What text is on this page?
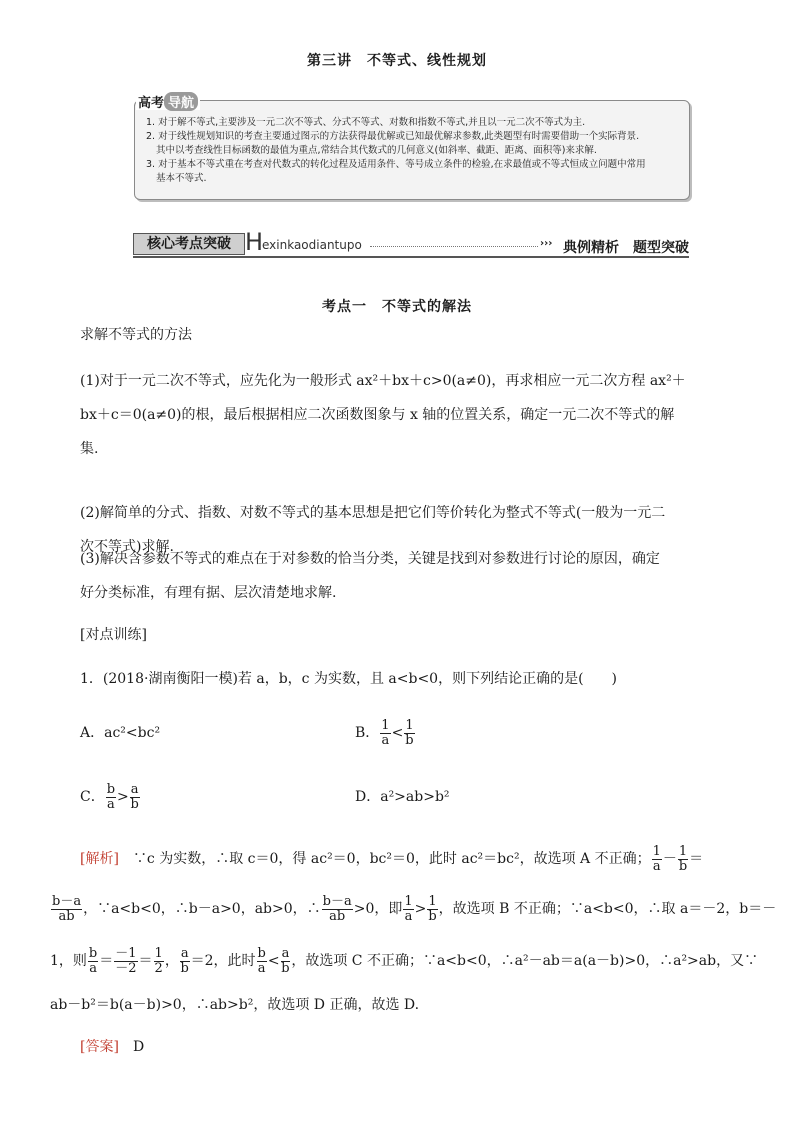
第三讲　不等式、线性规划
高考 导航
1. 对于解不等式,主要涉及一元二次不等式、分式不等式、对数和指数不等式,并且以一元二次不等式为主.
2. 对于线性规划知识的考查主要通过图示的方法获得最优解或已知最优解求参数,此类题型有时需要借助一个实际背景.
其中以考查线性目标函数的最值为重点,常结合其代数式的几何意义(如斜率、截距、距离、面积等)来求解.
3. 对于基本不等式重在考查对代数式的转化过程及适用条件、等号成立条件的检验,在求最值或不等式恒成立问题中常用
基本不等式.
核心考点突破 H
exinkaodiantupo	››› 典例精析　题型突破
考点一　不等式的解法
求解不等式的方法
(1)对于一元二次不等式，应先化为一般形式 ax²＋bx＋c>0(a≠0)，再求相应一元二次方程 ax²＋
bx＋c＝0(a≠0)的根，最后根据相应二次函数图象与 x 轴的位置关系，确定一元二次不等式的解
集.
(2)解简单的分式、指数、对数不等式的基本思想是把它们等价转化为整式不等式(一般为一元二
次不等式)求解.
(3)解决含参数不等式的难点在于对参数的恰当分类，关键是找到对参数进行讨论的原因，确定
好分类标准，有理有据、层次清楚地求解.
[对点训练]
1．(2018·湖南衡阳一模)若 a，b，c 为实数，且 a<b<0，则下列结论正确的是(　　)
A．ac²<bc²	B． $\frac{1}{a} < \frac{1}{b}$
C． $\frac{b}{a} > \frac{a}{b}$	D．a²>ab>b²
[解析]　 ∵c 为实数，∴取 c＝0，得 ac²＝0，bc²＝0，此时 ac²＝bc²，故选项 A 不正确； $\frac{1}{a} - \frac{1}{b}$ ＝
$\frac{b-a}{ab}$ ，∵a<b<0，∴b－a>0，ab>0，∴ $\frac{b-a}{ab} >0$，即 $\frac{1}{a} > \frac{1}{b}$ ，故选项 B 不正确；∵a<b<0，∴取 a＝－2，b＝－
1，则 $\frac{b}{a} = \frac{-1}{-2} = \frac{1}{2}$ ， $\frac{a}{b} =2$，此时 $\frac{b}{a} < \frac{a}{b}$ ，故选项 C 不正确；∵a<b<0，∴a²－ab＝a(a－b)>0，∴a²>ab，又∵
ab－b²＝b(a－b)>0，∴ab>b²，故选项 D 正确，故选 D.
[答案]　 D
